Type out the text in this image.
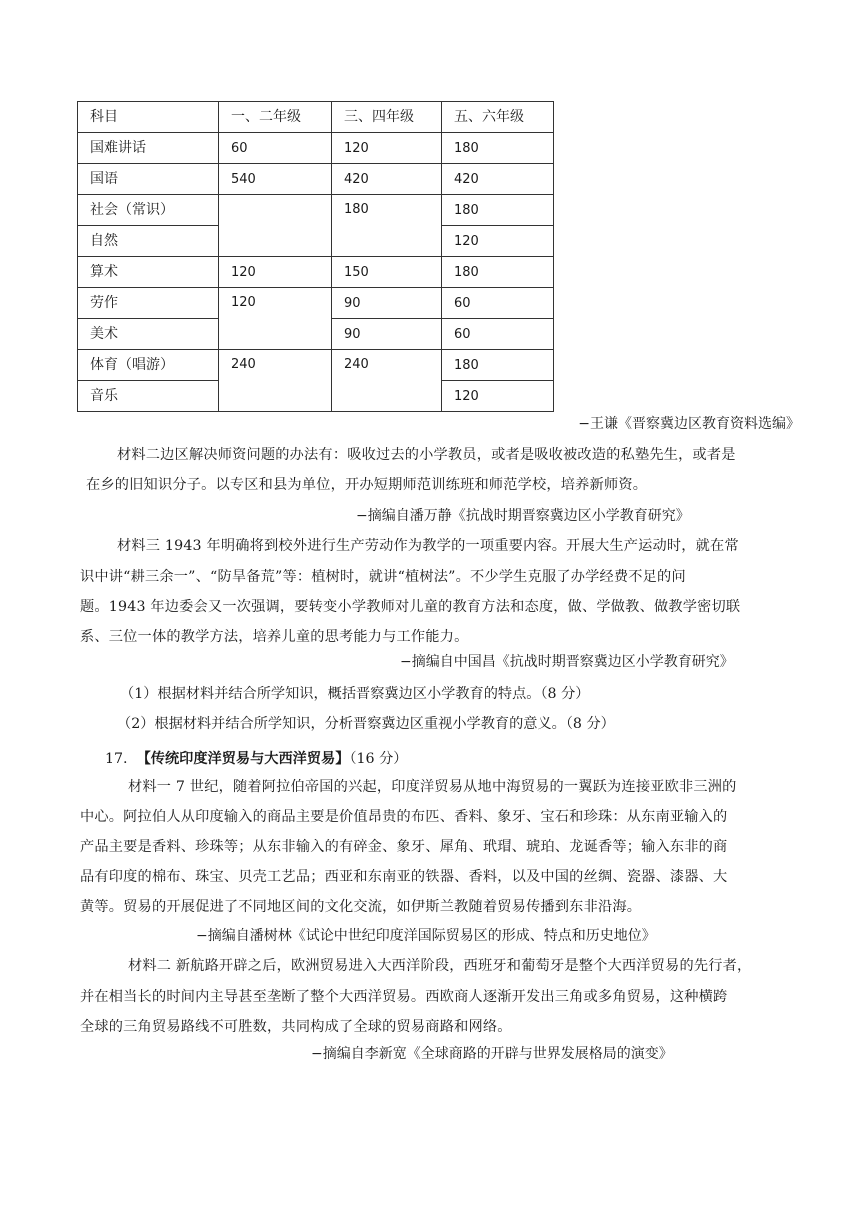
科目	一、二年级	三、四年级	五、六年级
国难讲话	60	120	180
国语	540	420	420
社会（常识）		180	180
自然			120
算术	120	150	180
劳作	120	90	60
美术		90	60
体育（唱游）	240	240	180
音乐			120
−王谦《晋察冀边区教育资料选编》
材料二边区解决师资问题的办法有：吸收过去的小学教员，或者是吸收被改造的私塾先生，或者是
在乡的旧知识分子。以专区和县为单位，开办短期师范训练班和师范学校，培养新师资。
−摘编自潘万静《抗战时期晋察冀边区小学教育研究》
材料三 1943 年明确将到校外进行生产劳动作为教学的一项重要内容。开展大生产运动时，就在常
识中讲“耕三余一”、“防旱备荒”等：植树时，就讲“植树法”。不少学生克服了办学经费不足的问
题。1943 年边委会又一次强调，要转变小学教师对儿童的教育方法和态度，做、学做教、做教学密切联
系、三位一体的教学方法，培养儿童的思考能力与工作能力。
−摘编自中国昌《抗战时期晋察冀边区小学教育研究》
（1）根据材料并结合所学知识，概括晋察冀边区小学教育的特点。（8 分）
（2）根据材料并结合所学知识，分析晋察冀边区重视小学教育的意义。（8 分）
17. 【传统印度洋贸易与大西洋贸易】（16 分）
材料一 7 世纪，随着阿拉伯帝国的兴起，印度洋贸易从地中海贸易的一翼跃为连接亚欧非三洲的
中心。阿拉伯人从印度输入的商品主要是价值昂贵的布匹、香料、象牙、宝石和珍珠：从东南亚输入的
产品主要是香料、珍珠等；从东非输入的有碎金、象牙、犀角、玳瑁、琥珀、龙诞香等；输入东非的商
品有印度的棉布、珠宝、贝壳工艺品；西亚和东南亚的铁器、香料，以及中国的丝绸、瓷器、漆器、大
黄等。贸易的开展促进了不同地区间的文化交流，如伊斯兰教随着贸易传播到东非沿海。
−摘编自潘树林《试论中世纪印度洋国际贸易区的形成、特点和历史地位》
材料二 新航路开辟之后，欧洲贸易进入大西洋阶段，西班牙和葡萄牙是整个大西洋贸易的先行者，
并在相当长的时间内主导甚至垄断了整个大西洋贸易。西欧商人逐渐开发出三角或多角贸易，这种横跨
全球的三角贸易路线不可胜数，共同构成了全球的贸易商路和网络。
−摘编自李新宽《全球商路的开辟与世界发展格局的演变》
